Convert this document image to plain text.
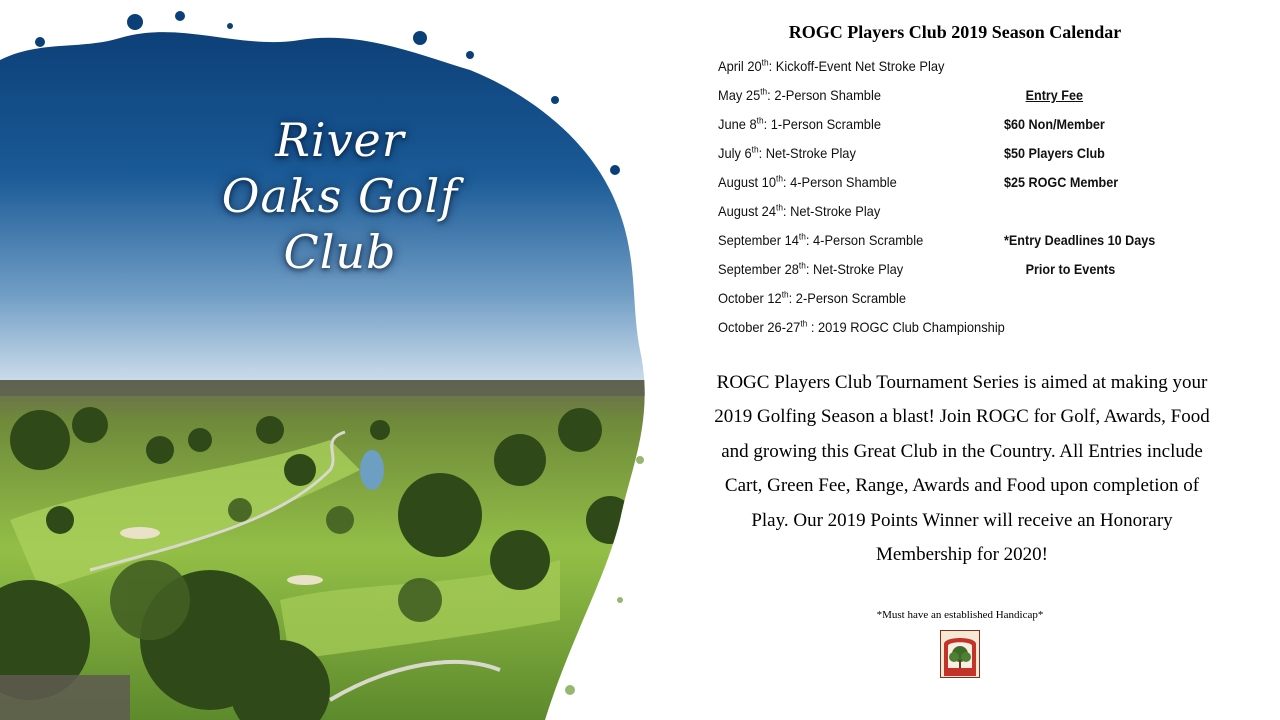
River
Oaks Golf
Club
ROGC Players Club 2019 Season Calendar
April 20th: Kickoff-Event Net Stroke Play
May 25th: 2-Person Shamble
June 8th: 1-Person Scramble
July 6th: Net-Stroke Play
August 10th: 4-Person Shamble
August 24th: Net-Stroke Play
September 14th: 4-Person Scramble
September 28th: Net-Stroke Play
October 12th: 2-Person Scramble
October 26-27th : 2019 ROGC Club Championship
Entry Fee
$60 Non/Member
$50 Players Club
$25 ROGC Member
*Entry Deadlines 10 Days
Prior to Events
ROGC Players Club Tournament Series is aimed at making your 2019 Golfing Season a blast! Join ROGC for Golf, Awards, Food and growing this Great Club in the Country. All Entries include Cart, Green Fee, Range, Awards and Food upon completion of Play. Our 2019 Points Winner will receive an Honorary Membership for 2020!
*Must have an established Handicap*
